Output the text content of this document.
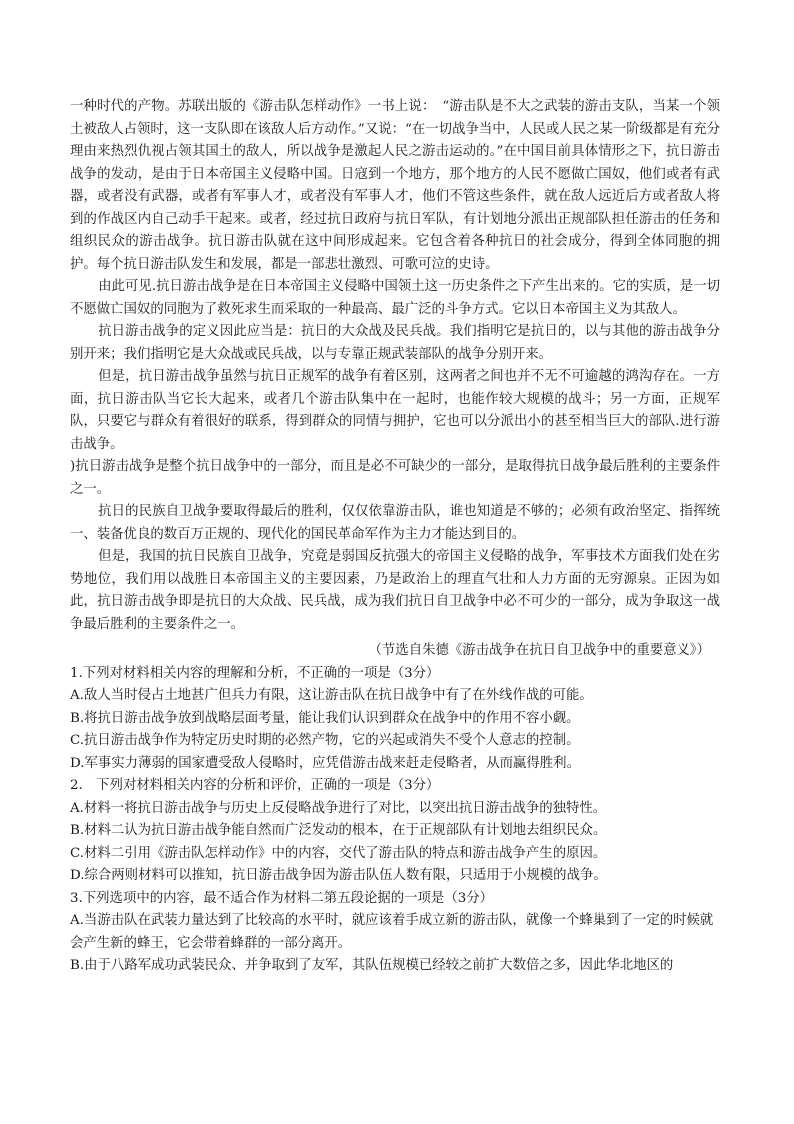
一种时代的产物。苏联出版的《游击队怎样动作》一书上说：　“游击队是不大之武装的游击支队，当某一个领土被敌人占领时，这一支队即在该敌人后方动作。”又说：“在一切战争当中，人民或人民之某一阶级都是有充分理由来热烈仇视占领其国土的敌人，所以战争是激起人民之游击运动的。”在中国目前具体情形之下，抗日游击战争的发动，是由于日本帝国主义侵略中国。日寇到一个地方，那个地方的人民不愿做亡国奴，他们或者有武器，或者没有武器，或者有军事人才，或者没有军事人才，他们不管这些条件，就在敌人远近后方或者敌人将到的作战区内自己动手干起来。或者，经过抗日政府与抗日军队，有计划地分派出正规部队担任游击的任务和组织民众的游击战争。抗日游击队就在这中间形成起来。它包含着各种抗日的社会成分，得到全体同胞的拥护。每个抗日游击队发生和发展，都是一部悲壮激烈、可歌可泣的史诗。

由此可见.抗日游击战争是在日本帝国主义侵略中国领土这一历史条件之下产生出来的。它的实质，是一切不愿做亡国奴的同胞为了救死求生而采取的一种最高、最广泛的斗争方式。它以日本帝国主义为其敌人。

抗日游击战争的定义因此应当是：抗日的大众战及民兵战。我们指明它是抗日的，以与其他的游击战争分别开来；我们指明它是大众战或民兵战，以与专靠正规武装部队的战争分别开来。

但是，抗日游击战争虽然与抗日正规军的战争有着区别，这两者之间也并不无不可逾越的鸿沟存在。一方面，抗日游击队当它长大起来，或者几个游击队集中在一起时，也能作较大规模的战斗；另一方面，正规军队，只要它与群众有着很好的联系，得到群众的同情与拥护，它也可以分派出小的甚至相当巨大的部队.进行游击战争。

)抗日游击战争是整个抗日战争中的一部分，而且是必不可缺少的一部分，是取得抗日战争最后胜利的主要条件之一。

抗日的民族自卫战争要取得最后的胜利，仅仅依靠游击队，谁也知道是不够的；必须有政治坚定、指挥统一、装备优良的数百万正规的、现代化的国民革命军作为主力才能达到目的。

但是，我国的抗日民族自卫战争，究竟是弱国反抗强大的帝国主义侵略的战争，军事技术方面我们处在劣势地位，我们用以战胜日本帝国主义的主要因素，乃是政治上的理直气壮和人力方面的无穷源泉。正因为如此，抗日游击战争即是抗日的大众战、民兵战，成为我们抗日自卫战争中必不可少的一部分，成为争取这一战争最后胜利的主要条件之一。

（节选自朱德《游击战争在抗日自卫战争中的重要意义》）

1.下列对材料相关内容的理解和分析，不正确的一项是（3分）

A.敌人当时侵占土地甚广但兵力有限，这让游击队在抗日战争中有了在外线作战的可能。

B.将抗日游击战争放到战略层面考量，能让我们认识到群众在战争中的作用不容小觑。

C.抗日游击战争作为特定历史时期的必然产物，它的兴起或消失不受个人意志的控制。

D.军事实力薄弱的国家遭受敌人侵略时，应凭借游击战来赶走侵略者，从而赢得胜利。

2.　下列对材料相关内容的分析和评价，正确的一项是（3分）

A.材料一将抗日游击战争与历史上反侵略战争进行了对比，以突出抗日游击战争的独特性。

B.材料二认为抗日游击战争能自然而广泛发动的根本，在于正规部队有计划地去组织民众。

C.材料二引用《游击队怎样动作》中的内容，交代了游击队的特点和游击战争产生的原因。

D.综合两则材料可以推知，抗日游击战争因为游击队伍人数有限，只适用于小规模的战争。

3.下列选项中的内容，最不适合作为材料二第五段论据的一项是（3分）

A.当游击队在武装力量达到了比较高的水平时，就应该着手成立新的游击队，就像一个蜂巢到了一定的时候就会产生新的蜂王，它会带着蜂群的一部分离开。

B.由于八路军成功武装民众、并争取到了友军，其队伍规模已经较之前扩大数倍之多，因此华北地区的
